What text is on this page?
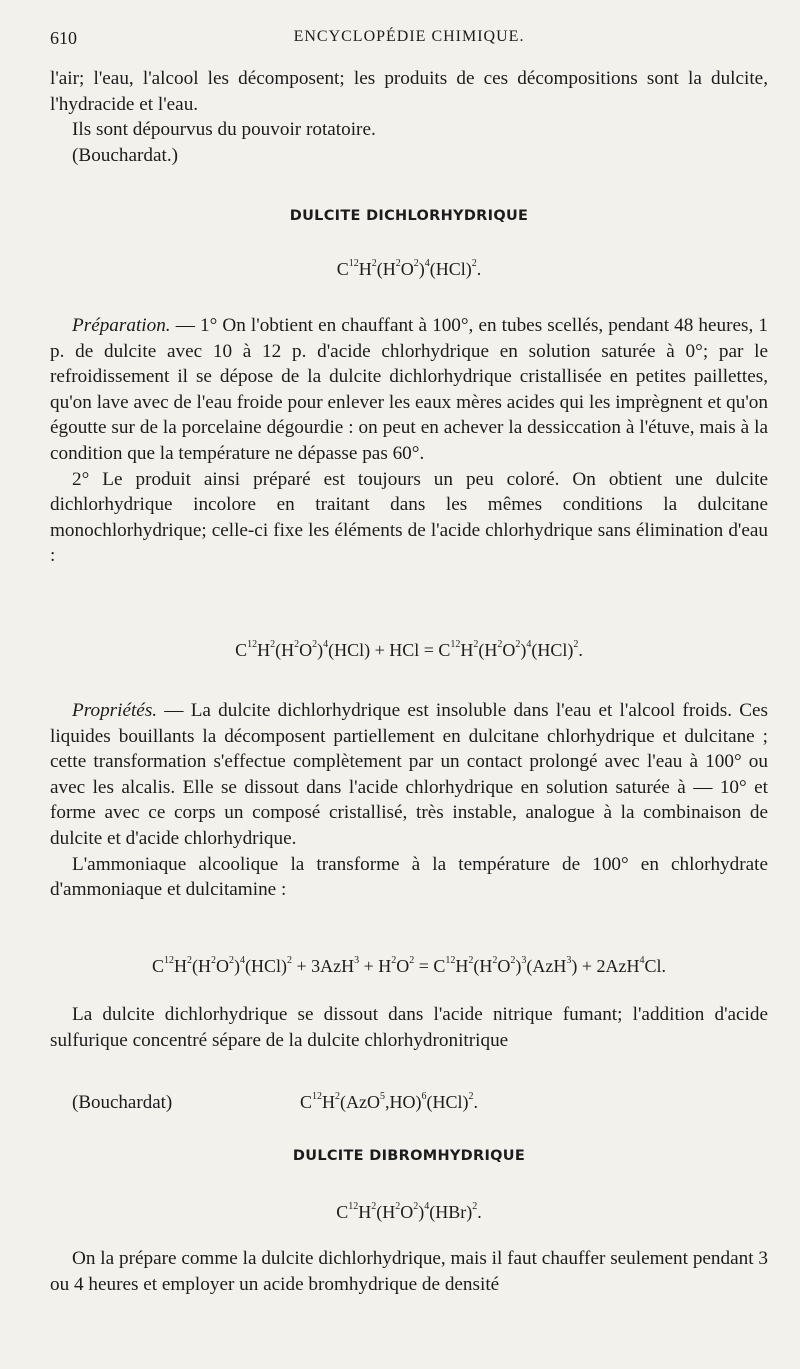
610	ENCYCLOPÉDIE CHIMIQUE.

l'air; l'eau, l'alcool les décomposent; les produits de ces décompositions sont la dulcite, l'hydracide et l'eau.

Ils sont dépourvus du pouvoir rotatoire.

(Bouchardat.)

DULCITE DICHLORHYDRIQUE
$C^{12}H^2(H^2O^2)^4(HCl)^2$.

Préparation. — 1° On l'obtient en chauffant à 100°, en tubes scellés, pendant 48 heures, 1 p. de dulcite avec 10 à 12 p. d'acide chlorhydrique en solution saturée à 0°; par le refroidissement il se dépose de la dulcite dichlorhydrique cristallisée en petites paillettes, qu'on lave avec de l'eau froide pour enlever les eaux mères acides qui les imprègnent et qu'on égoutte sur de la porcelaine dégourdie : on peut en achever la dessiccation à l'étuve, mais à la condition que la température ne dépasse pas 60°.

2° Le produit ainsi préparé est toujours un peu coloré. On obtient une dulcite dichlorhydrique incolore en traitant dans les mêmes conditions la dulcitane monochlorhydrique; celle-ci fixe les éléments de l'acide chlorhydrique sans élimination d'eau :

$C^{12}H^2(H^2O^2)^4(HCl)$ + HCl = $C^{12}H^2(H^2O^2)^4(HCl)^2$.

Propriétés. — La dulcite dichlorhydrique est insoluble dans l'eau et l'alcool froids. Ces liquides bouillants la décomposent partiellement en dulcitane chlorhydrique et dulcitane ; cette transformation s'effectue complètement par un contact prolongé avec l'eau à 100° ou avec les alcalis. Elle se dissout dans l'acide chlorhydrique en solution saturée à — 10° et forme avec ce corps un composé cristallisé, très instable, analogue à la combinaison de dulcite et d'acide chlorhydrique.

L'ammoniaque alcoolique la transforme à la température de 100° en chlorhydrate d'ammoniaque et dulcitamine :

$C^{12}H^2(H^2O^2)^4(HCl)^2 + 3AzH^3 + H^2O^2 = C^{12}H^2(H^2O^2)^3(AzH^3) + 2AzH^4Cl$.

La dulcite dichlorhydrique se dissout dans l'acide nitrique fumant; l'addition d'acide sulfurique concentré sépare de la dulcite chlorhydronitrique

(Bouchardat)	$C^{12}H^2(AzO^5,HO)^6(HCl)^2$.
DULCITE DIBROMHYDRIQUE
$C^{12}H^2(H^2O^2)^4(HBr)^2$.

On la prépare comme la dulcite dichlorhydrique, mais il faut chauffer seulement pendant 3 ou 4 heures et employer un acide bromhydrique de densité
